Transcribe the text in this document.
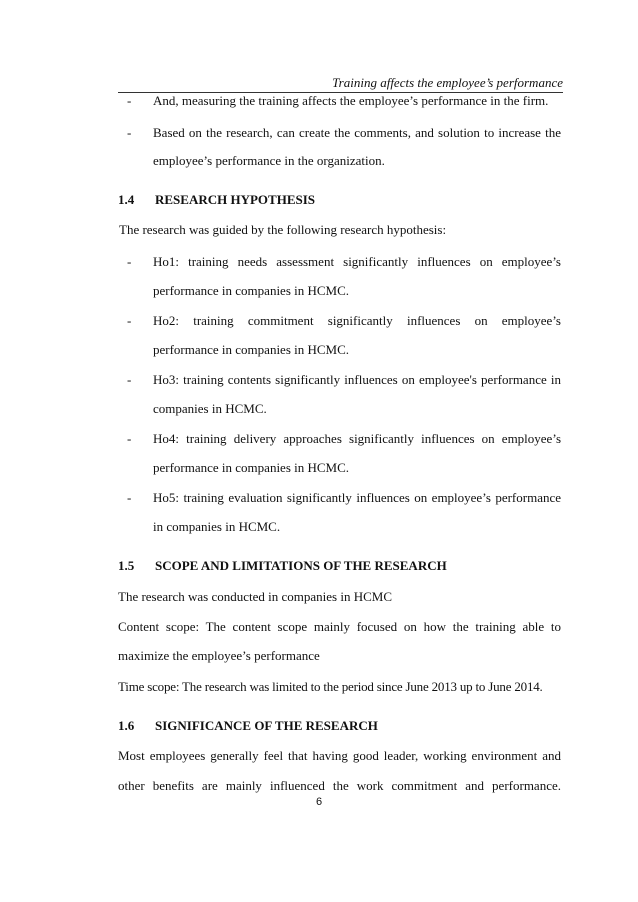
Training affects the employee’s performance
- And, measuring the training affects the employee’s performance in the firm.
- Based on the research, can create the comments, and solution to increase the
employee’s performance in the organization.
1.4 RESEARCH HYPOTHESIS
The research was guided by the following research hypothesis:
- Ho1: training needs assessment significantly influences on employee’s
performance in companies in HCMC.
- Ho2: training commitment significantly influences on employee’s
performance in companies in HCMC.
- Ho3: training contents significantly influences on employee's performance in
companies in HCMC.
- Ho4: training delivery approaches significantly influences on employee’s
performance in companies in HCMC.
- Ho5: training evaluation significantly influences on employee’s performance
in companies in HCMC.
1.5 SCOPE AND LIMITATIONS OF THE RESEARCH
The research was conducted in companies in HCMC
Content scope: The content scope mainly focused on how the training able to
maximize the employee’s performance
Time scope: The research was limited to the period since June 2013 up to June 2014.
1.6 SIGNIFICANCE OF THE RESEARCH
Most employees generally feel that having good leader, working environment and
other benefits are mainly influenced the work commitment and performance.
6
